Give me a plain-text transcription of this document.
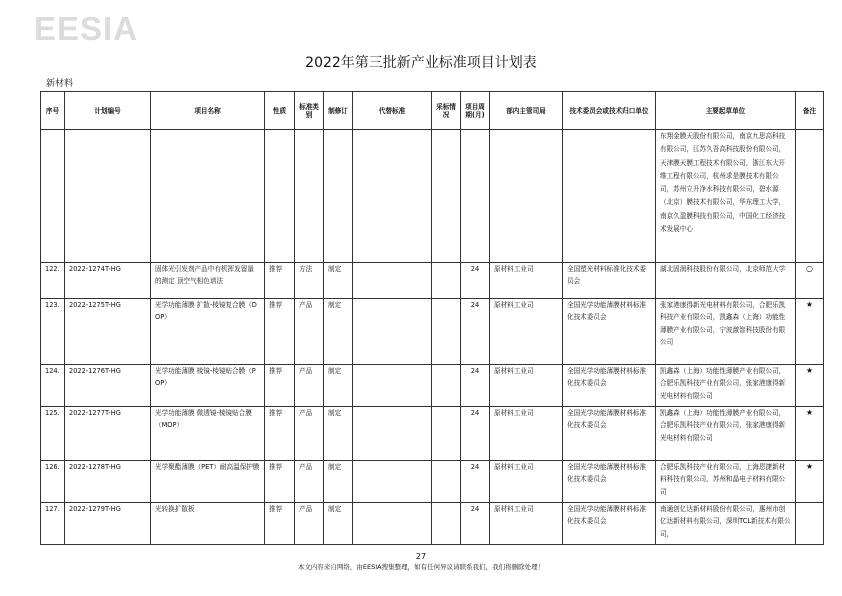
EESIA
2022年第三批新产业标准项目计划表
新材料
序号	计划编号	项目名称	性质	标准类别	制修订	代替标准	采标情况	项目周期(月)	部内主管司局	技术委员会或技术归口单位	主要起草单位	备注
											东翔金膜天股份有限公司，南京九思高科技有限公司，江苏久吾高科技股份有限公司，天津膜天膜工程技术有限公司，浙江东大开维工程有限公司，杭州求是膜技术有限公司，苏州立升净水科技有限公司，碧水源（北京）膜技术有限公司，华东理工大学，南京久盈膜科技有限公司，中国化工经济技术发展中心	
122.	2022-1274T-HG	固体光引发剂产品中有机挥发留量的测定 顶空气相色谱法	推荐	方法	制定			24	原材料工业司	全国塑光材料标准化技术委员会	湖北固润科技股份有限公司，北京师范大学	○
123.	2022-1275T-HG	光学功能薄膜 扩散-棱镜复合膜（DOP）	推荐	产品	制定			24	原材料工业司	全国光学功能薄膜材料标准化技术委员会	张家港康得新光电材料有限公司，合肥乐凯科技产业有限公司，凯鑫森（上海）功能性薄膜产业有限公司，宁波激智科技股份有限公司	★
124.	2022-1276T-HG	光学功能薄膜 棱镜-棱镜贴合膜（POP）	推荐	产品	制定			24	原材料工业司	全国光学功能薄膜材料标准化技术委员会	凯鑫森（上海）功能性薄膜产业有限公司，合肥乐凯科技产业有限公司，张家港康得新光电材料有限公司	★
125.	2022-1277T-HG	光学功能薄膜 微透镜-棱镜贴合膜（MOP）	推荐	产品	制定			24	原材料工业司	全国光学功能薄膜材料标准化技术委员会	凯鑫森（上海）功能性薄膜产业有限公司，合肥乐凯科技产业有限公司，张家港康得新光电材料有限公司	★
126.	2022-1278T-HG	光学聚酯薄膜（PET）耐高温保护膜	推荐	产品	制定			24	原材料工业司	全国光学功能薄膜材料标准化技术委员会	合肥乐凯科技产业有限公司，上海恩捷新材料科技有限公司，苏州和晶电子材料有限公司	★
127.	2022-1279T-HG	光转换扩散板	推荐	产品	制定			24	原材料工业司	全国光学功能薄膜材料标准化技术委员会	南通创亿达新材料股份有限公司，惠州市创亿达新材料有限公司，深圳TCL新技术有限公司，	
27
本文内容来自网络，由EESIA搜集整理，如有任何异议请联系我们，我们将删除处理！
